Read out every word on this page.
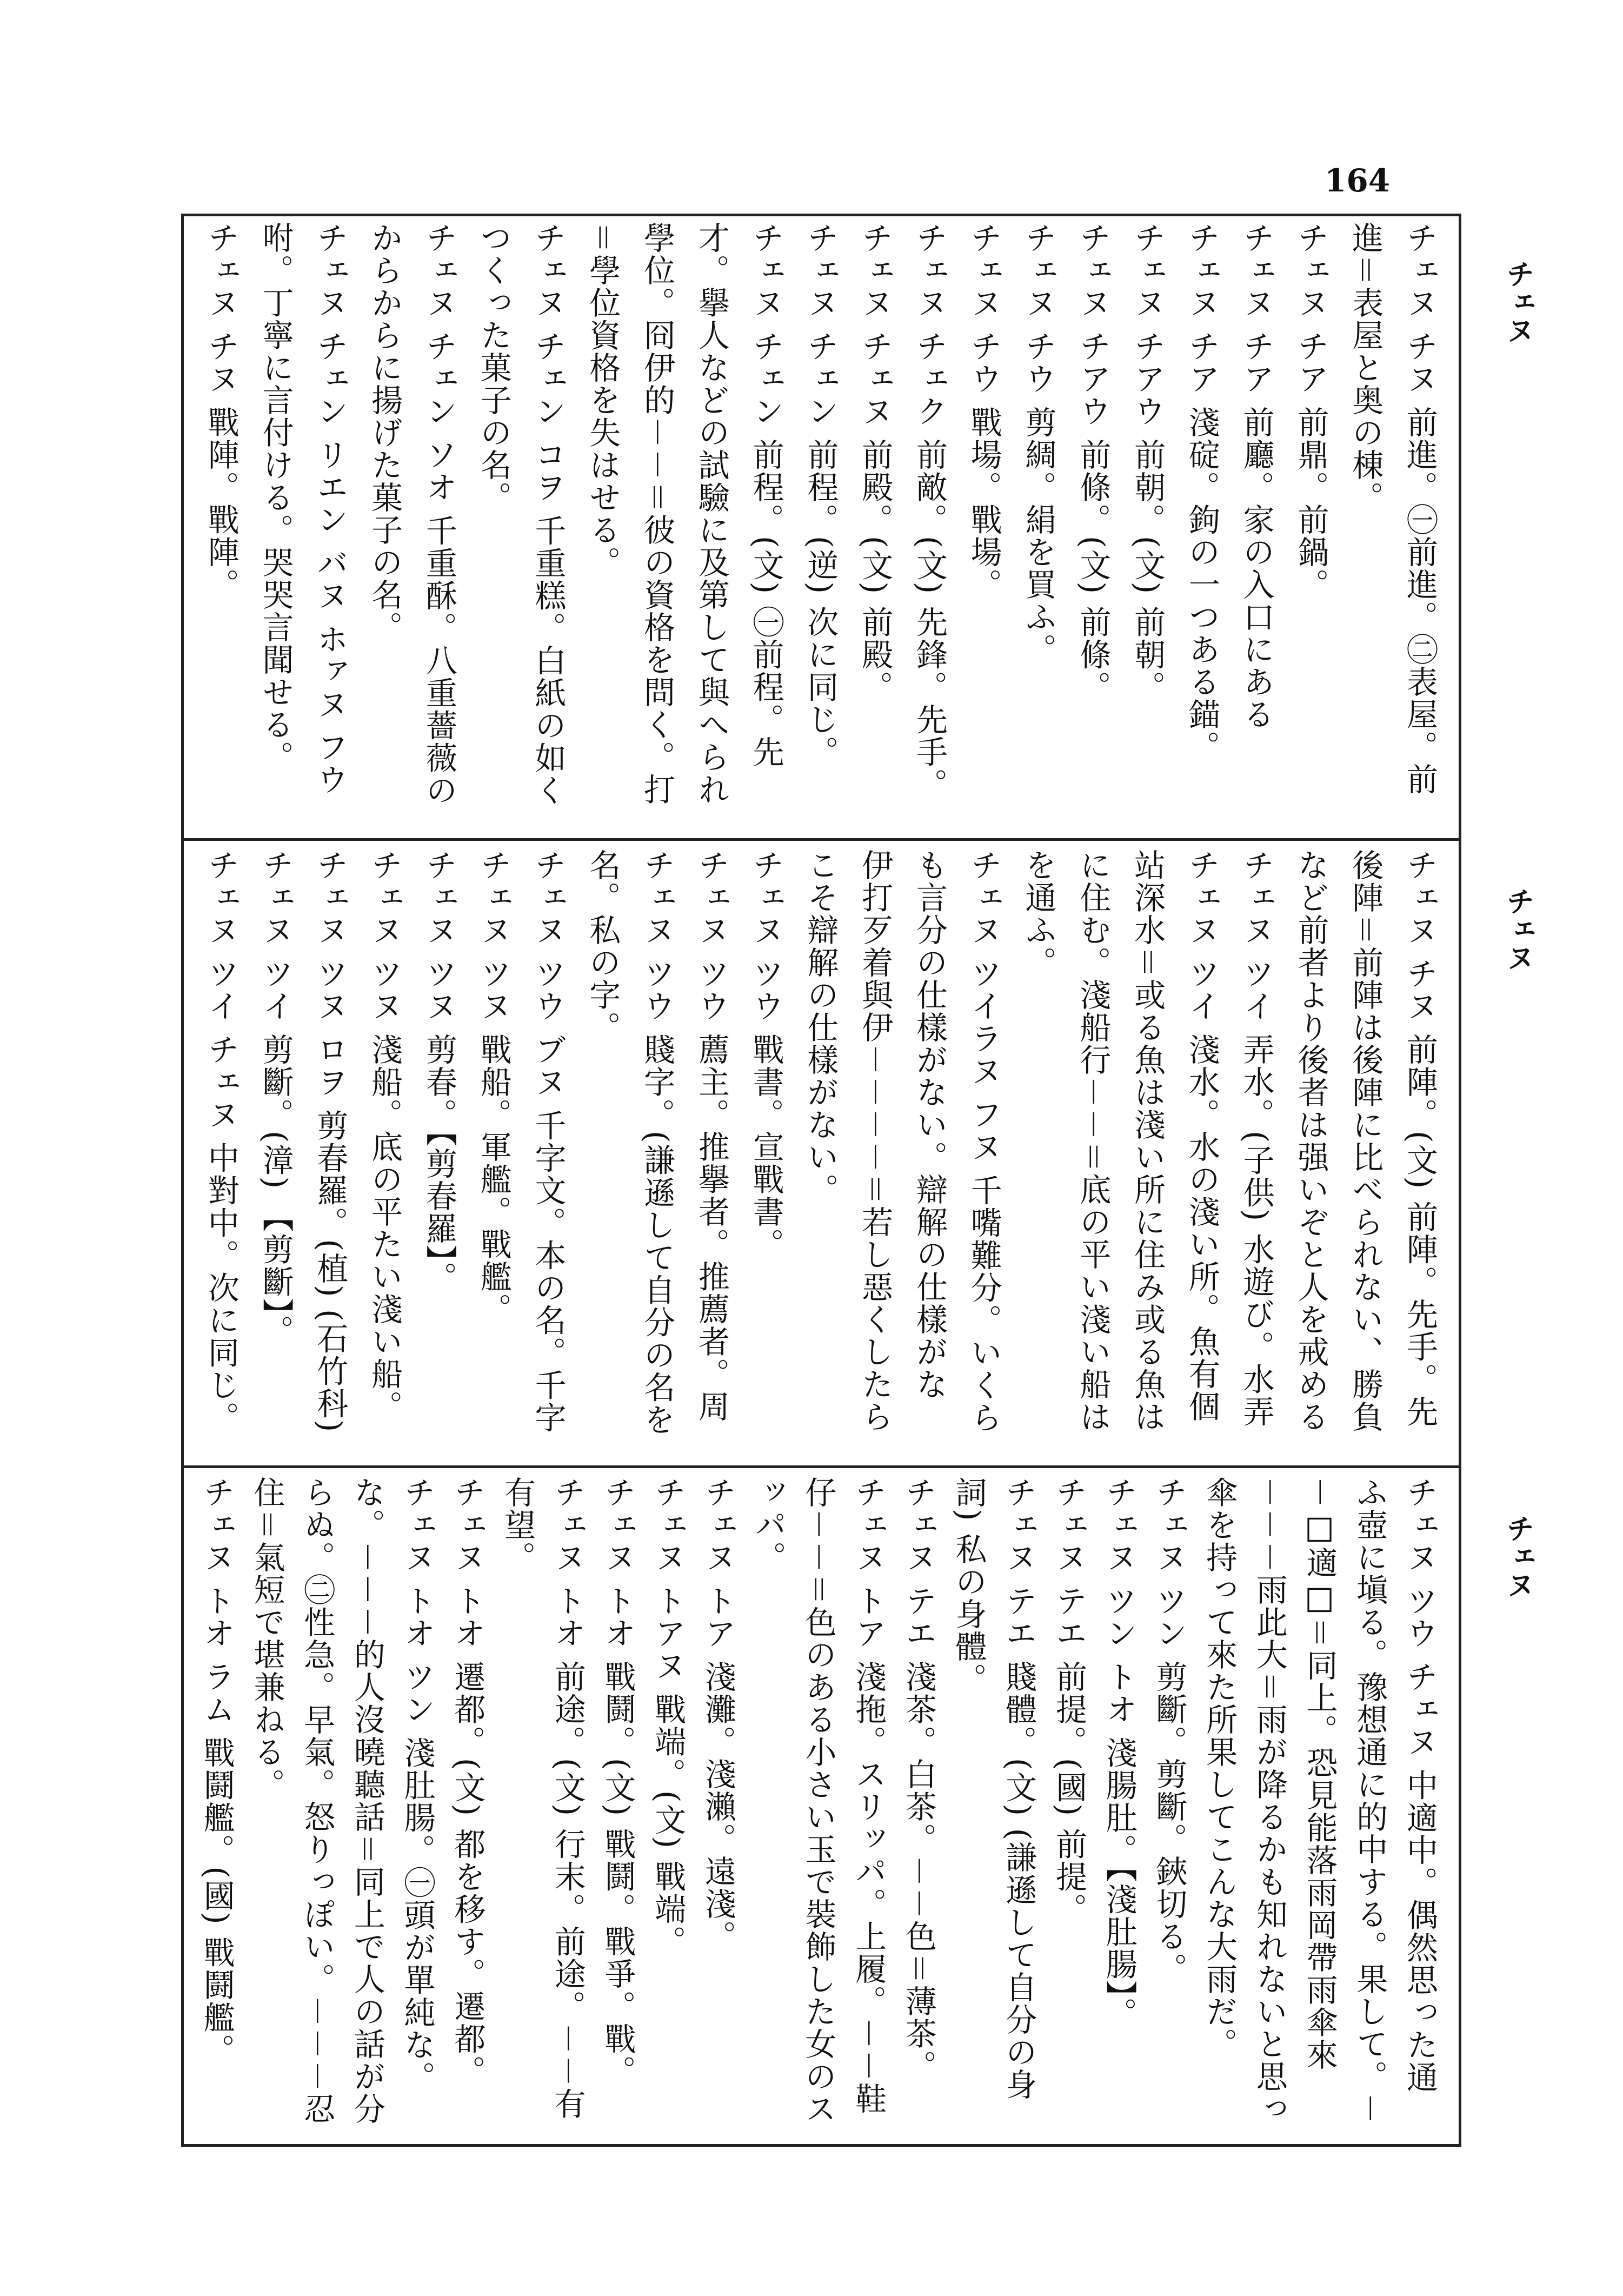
164
チェヌ
チェヌ
チェヌ
チェヌ チヌ 前進。㊀前進。㊁表屋。前
進＝表屋と奥の棟。
チェヌ チア 前鼎。前鍋。
チェヌ チア 前廳。家の入口にある
チェヌ チア 淺碇。鉤の一つある錨。
チェヌ チアウ 前朝。(文) 前朝。
チェヌ チアウ 前條。(文) 前條。
チェヌ チウ 剪綢。絹を買ふ。
チェヌ チウ 戰場。戰場。
チェヌ チェク 前敵。(文) 先鋒。先手。
チェヌ チェヌ 前殿。(文) 前殿。
チェヌ チェン 前程。(逆) 次に同じ。
チェヌ チェン 前程。(文) ㊀前程。先
才。擧人などの試驗に及第して與へられ
學位。冏伊的－－＝彼の資格を問く。打
＝學位資格を失はせる。
チェヌ チェン コヲ 千重糕。白紙の如く
つくった菓子の名。
チェヌ チェン ソオ 千重酥。八重薔薇の
からからに揚げた菓子の名。
チェヌ チェン リエン バヌ ホァヌ フウ
咐。丁寧に言付ける。哭哭言聞せる。
チェヌ チヌ 戰陣。戰陣。
チェヌ チヌ 前陣。(文) 前陣。先手。先
後陣＝前陣は後陣に比べられない、勝負
など前者より後者は强いぞと人を戒める
チェヌ ツイ 弄水。(子供) 水遊び。水弄
チェヌ ツイ 淺水。水の淺い所。魚有個
站深水＝或る魚は淺い所に住み或る魚は
に住む。淺船行－－＝底の平い淺い船は
を通ふ。
チェヌ ツイラヌ フヌ 千嘴難分。いくら
も言分の仕樣がない。辯解の仕樣がな
伊打歹着與伊－－－－＝若し惡くしたら
こそ辯解の仕樣がない。
チェヌ ツウ 戰書。宣戰書。
チェヌ ツウ 薦主。推擧者。推薦者。周
チェヌ ツウ 賤字。(謙遜して自分の名を
名。私の字。
チェヌ ツウ ブヌ 千字文。本の名。千字
チェヌ ツヌ 戰船。軍艦。戰艦。
チェヌ ツヌ 剪春。【剪春羅】。
チェヌ ツヌ 淺船。底の平たい淺い船。
チェヌ ツヌ ロヲ 剪春羅。(植) (石竹科)
チェヌ ツイ 剪斷。(漳) 【剪斷】。
チェヌ ツイ チェヌ 中對中。次に同じ。
チェヌ ツウ チェヌ 中適中。偶然思った通
ふ壺に塡る。豫想通に的中する。果して。－
－□適□＝同上。恐見能落雨岡帶雨傘來
－－－雨此大＝雨が降るかも知れないと思っ
傘を持って來た所果してこんな大雨だ。
チェヌ ツン 剪斷。剪斷。鋏切る。
チェヌ ツン トオ 淺腸肚。【淺肚腸】。
チェヌ テエ 前提。(國) 前提。
チェヌ テエ 賤體。(文) (謙遜して自分の身
詞) 私の身體。
チェヌ テエ 淺茶。白茶。－－色＝薄茶。
チェヌ トア 淺拖。スリッパ。上履。－－鞋
仔－－＝色のある小さい玉で裝飾した女のス
ッパ。
チェヌ トア 淺灘。淺瀨。遠淺。
チェヌ トアヌ 戰端。(文) 戰端。
チェヌ トオ 戰鬪。(文) 戰鬪。戰爭。戰。
チェヌ トオ 前途。(文) 行末。前途。－－有
有望。
チェヌ トオ 遷都。(文) 都を移す。遷都。
チェヌ トオ ツン 淺肚腸。㊀頭が單純な。
な。－－－的人沒曉聽話＝同上で人の話が分
らぬ。㊁性急。早氣。怒りっぽい。－－－忍
住＝氣短で堪兼ねる。
チェヌ トオ ラム 戰鬪艦。(國) 戰鬪艦。
